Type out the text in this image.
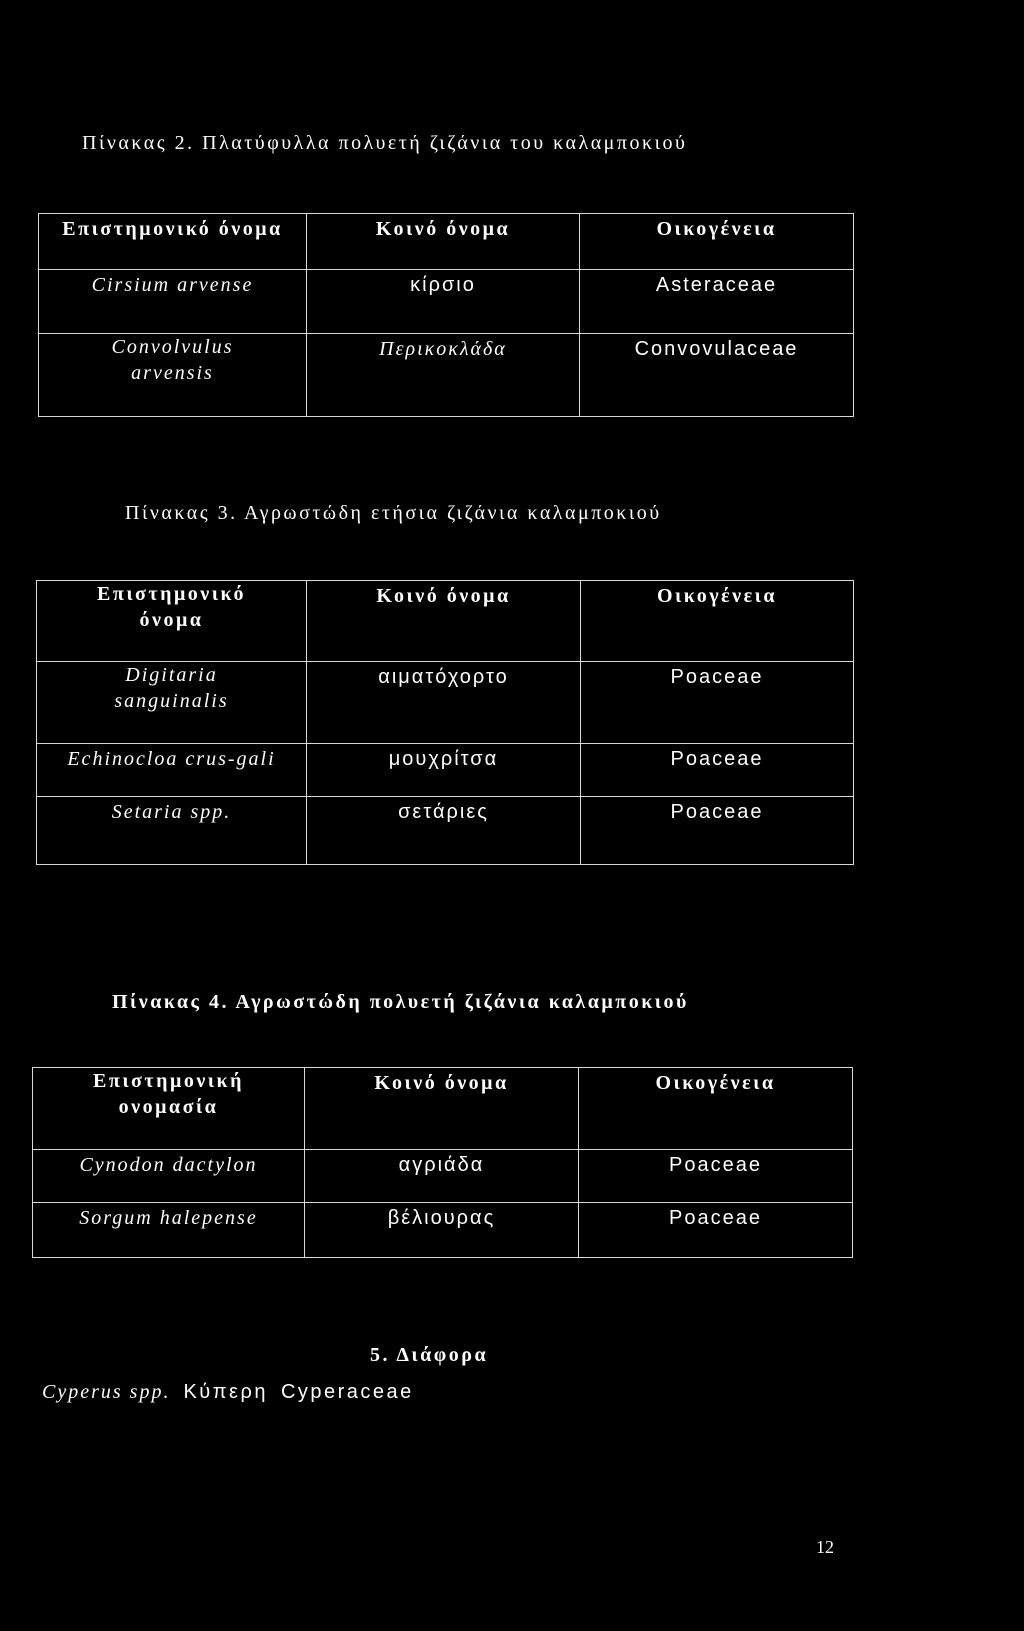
Πίνακας 2. Πλατύφυλλα πολυετή ζιζάνια του καλαμποκιού
Επιστημονικό όνομα	Κοινό όνομα	Οικογένεια
Cirsium arvense	κίρσιο	Asteraceae
Convolvulus arvensis	Περικοκλάδα	Convovulaceae
Πίνακας 3. Αγρωστώδη ετήσια ζιζάνια καλαμποκιού
Επιστημονικό όνομα	Κοινό όνομα	Οικογένεια
Digitaria sanguinalis	αιματόχορτο	Poaceae
Echinocloa crus-gali	μουχρίτσα	Poaceae
Setaria spp.	σετάριες	Poaceae
Πίνακας 4. Αγρωστώδη πολυετή ζιζάνια καλαμποκιού
Επιστημονική ονομασία	Κοινό όνομα	Οικογένεια
Cynodon dactylon	αγριάδα	Poaceae
Sorgum halepense	βέλιουρας	Poaceae
5. Διάφορα
Cyperus spp. Κύπερη Cyperaceae
12
